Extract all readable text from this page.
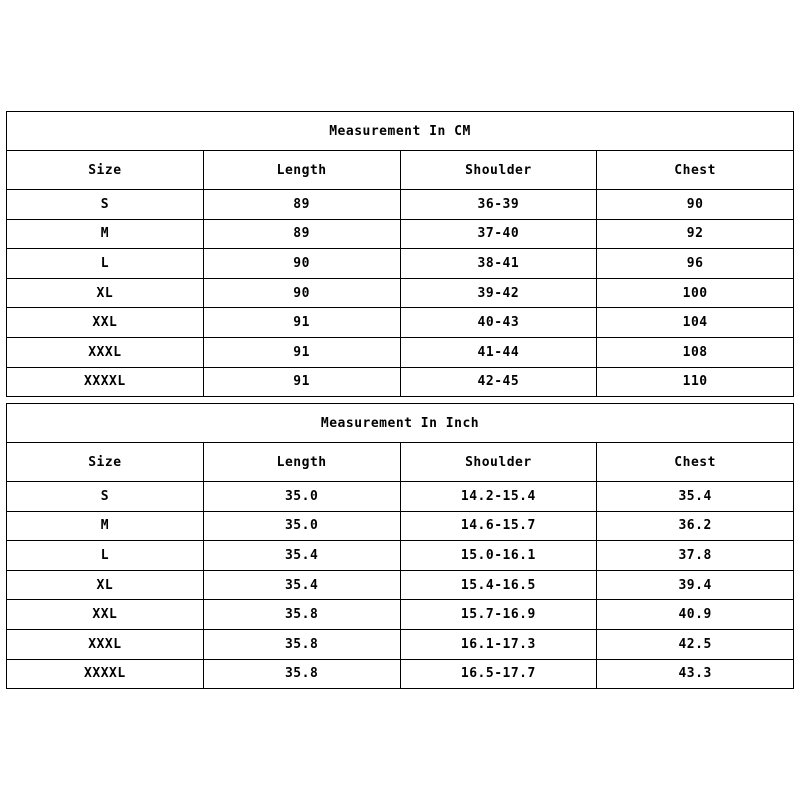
Measurement In CM			
Size	Length	Shoulder	Chest
S	89	36-39	90
M	89	37-40	92
L	90	38-41	96
XL	90	39-42	100
XXL	91	40-43	104
XXXL	91	41-44	108
XXXXL	91	42-45	110
Measurement In Inch			
Size	Length	Shoulder	Chest
S	35.0	14.2-15.4	35.4
M	35.0	14.6-15.7	36.2
L	35.4	15.0-16.1	37.8
XL	35.4	15.4-16.5	39.4
XXL	35.8	15.7-16.9	40.9
XXXL	35.8	16.1-17.3	42.5
XXXXL	35.8	16.5-17.7	43.3
